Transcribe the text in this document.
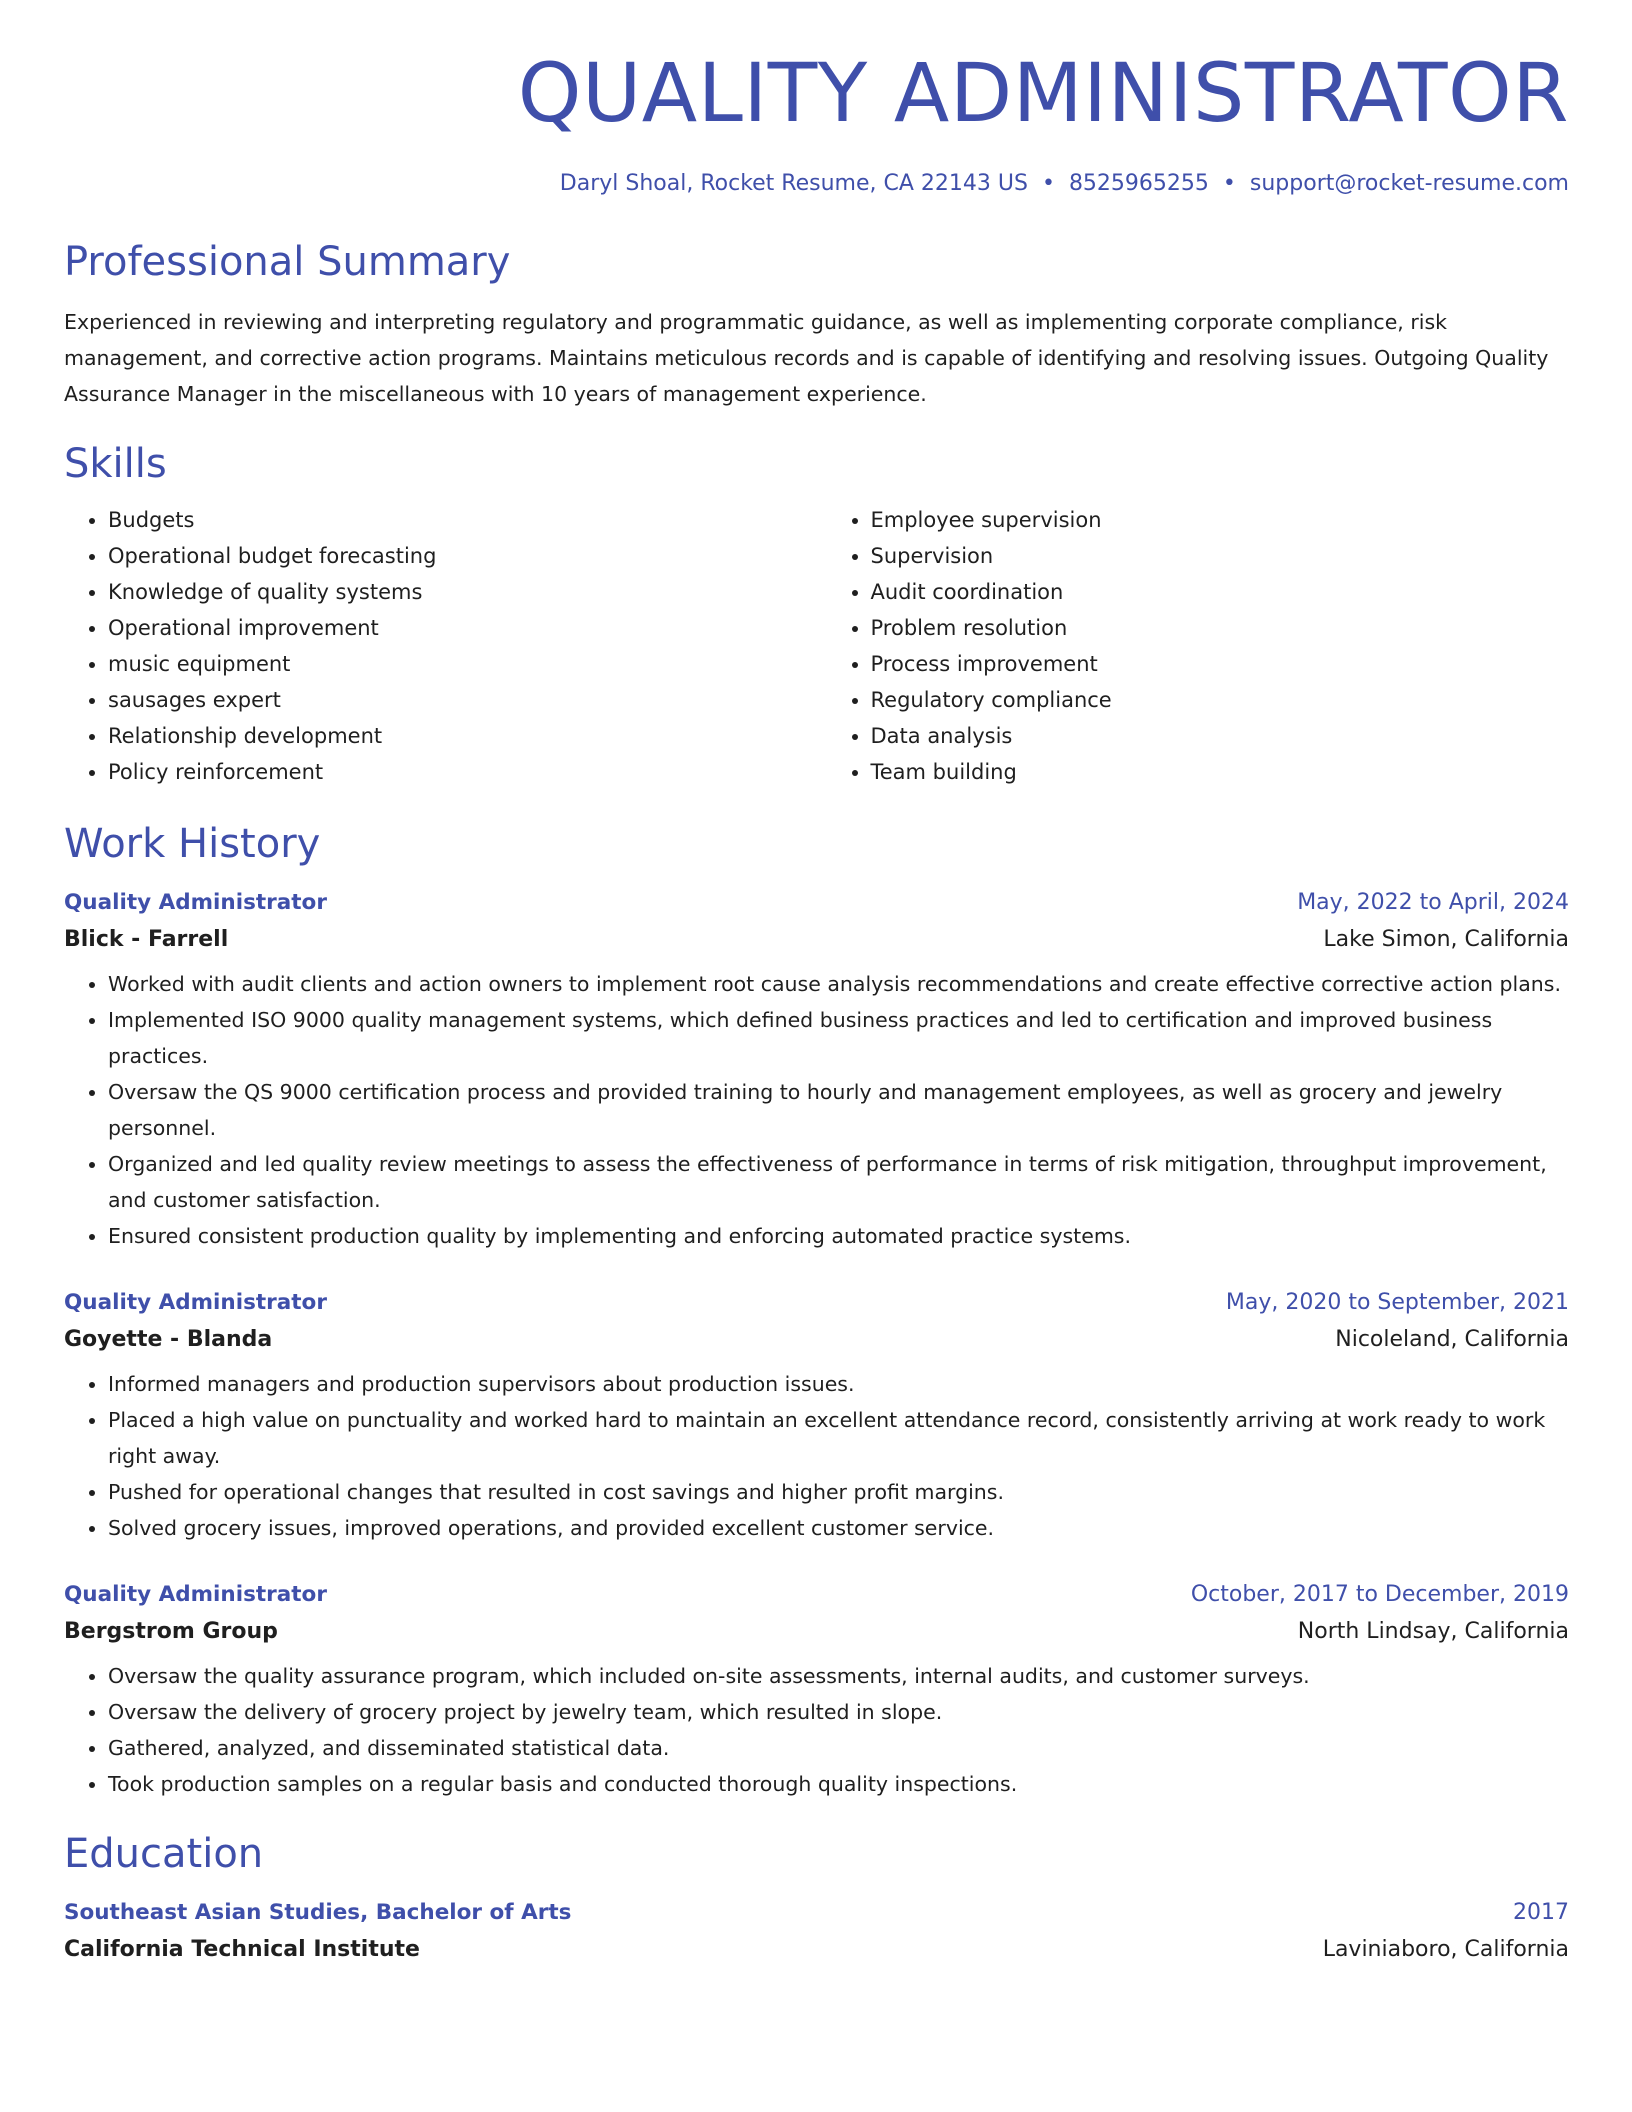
QUALITY ADMINISTRATOR
Daryl Shoal, Rocket Resume, CA 22143 US • 8525965255 • support@rocket-resume.com
Professional Summary

Experienced in reviewing and interpreting regulatory and programmatic guidance, as well as implementing corporate compliance, risk management, and corrective action programs. Maintains meticulous records and is capable of identifying and resolving issues. Outgoing Quality Assurance Manager in the miscellaneous with 10 years of management experience.

Skills
• Budgets
• Operational budget forecasting
• Knowledge of quality systems
• Operational improvement
• music equipment
• sausages expert
• Relationship development
• Policy reinforcement
• Employee supervision
• Supervision
• Audit coordination
• Problem resolution
• Process improvement
• Regulatory compliance
• Data analysis
• Team building
Work History
Quality Administrator	May, 2022 to April, 2024
Blick - Farrell	Lake Simon, California
• Worked with audit clients and action owners to implement root cause analysis recommendations and create effective corrective action plans.
• Implemented ISO 9000 quality management systems, which defined business practices and led to certification and improved business practices.
• Oversaw the QS 9000 certification process and provided training to hourly and management employees, as well as grocery and jewelry personnel.
• Organized and led quality review meetings to assess the effectiveness of performance in terms of risk mitigation, throughput improvement, and customer satisfaction.
• Ensured consistent production quality by implementing and enforcing automated practice systems.
Quality Administrator	May, 2020 to September, 2021
Goyette - Blanda	Nicoleland, California
• Informed managers and production supervisors about production issues.
• Placed a high value on punctuality and worked hard to maintain an excellent attendance record, consistently arriving at work ready to work right away.
• Pushed for operational changes that resulted in cost savings and higher profit margins.
• Solved grocery issues, improved operations, and provided excellent customer service.
Quality Administrator	October, 2017 to December, 2019
Bergstrom Group	North Lindsay, California
• Oversaw the quality assurance program, which included on-site assessments, internal audits, and customer surveys.
• Oversaw the delivery of grocery project by jewelry team, which resulted in slope.
• Gathered, analyzed, and disseminated statistical data.
• Took production samples on a regular basis and conducted thorough quality inspections.
Education
Southeast Asian Studies, Bachelor of Arts	2017
California Technical Institute	Laviniaboro, California
